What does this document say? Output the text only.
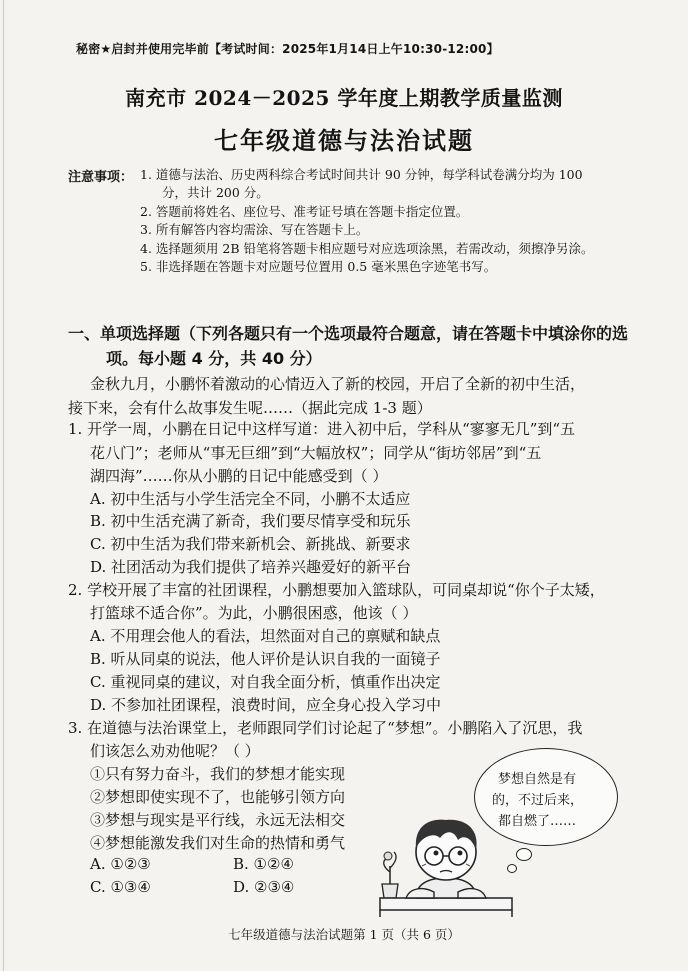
秘密★启封并使用完毕前【考试时间：2025年1月14日上午10:30-12:00】
南充市 2024－2025 学年度上期教学质量监测
七年级道德与法治试题
注意事项： 1. 道德与法治、历史两科综合考试时间共计 90 分钟，每学科试卷满分均为 100
分，共计 200 分。
2. 答题前将姓名、座位号、准考证号填在答题卡指定位置。
3. 所有解答内容均需涂、写在答题卡上。
4. 选择题须用 2B 铅笔将答题卡相应题号对应选项涂黑，若需改动，须擦净另涂。
5. 非选择题在答题卡对应题号位置用 0.5 毫米黑色字迹笔书写。
一、单项选择题（下列各题只有一个选项最符合题意，请在答题卡中填涂你的选
项。每小题 4 分，共 40 分）
金秋九月，小鹏怀着激动的心情迈入了新的校园，开启了全新的初中生活，
接下来，会有什么故事发生呢……（据此完成 1-3 题）
1. 开学一周，小鹏在日记中这样写道：进入初中后，学科从“寥寥无几”到“五
花八门”；老师从“事无巨细”到“大幅放权”；同学从“街坊邻居”到“五
湖四海”……你从小鹏的日记中能感受到（ ）
A. 初中生活与小学生活完全不同，小鹏不太适应
B. 初中生活充满了新奇，我们要尽情享受和玩乐
C. 初中生活为我们带来新机会、新挑战、新要求
D. 社团活动为我们提供了培养兴趣爱好的新平台
2. 学校开展了丰富的社团课程，小鹏想要加入篮球队，可同桌却说“你个子太矮，
打篮球不适合你”。为此，小鹏很困惑，他该（ ）
A. 不用理会他人的看法，坦然面对自己的禀赋和缺点
B. 听从同桌的说法，他人评价是认识自我的一面镜子
C. 重视同桌的建议，对自我全面分析，慎重作出决定
D. 不参加社团课程，浪费时间，应全身心投入学习中
3. 在道德与法治课堂上，老师跟同学们讨论起了“梦想”。小鹏陷入了沉思，我
们该怎么劝劝他呢？（ ）
①只有努力奋斗，我们的梦想才能实现
②梦想即使实现不了，也能够引领方向
③梦想与现实是平行线，永远无法相交
④梦想能激发我们对生命的热情和勇气
A. ①②③	B. ①②④
C. ①③④	D. ②③④
梦想自然是有
的，不过后来，
都自燃了……
七年级道德与法治试题第 1 页（共 6 页）
